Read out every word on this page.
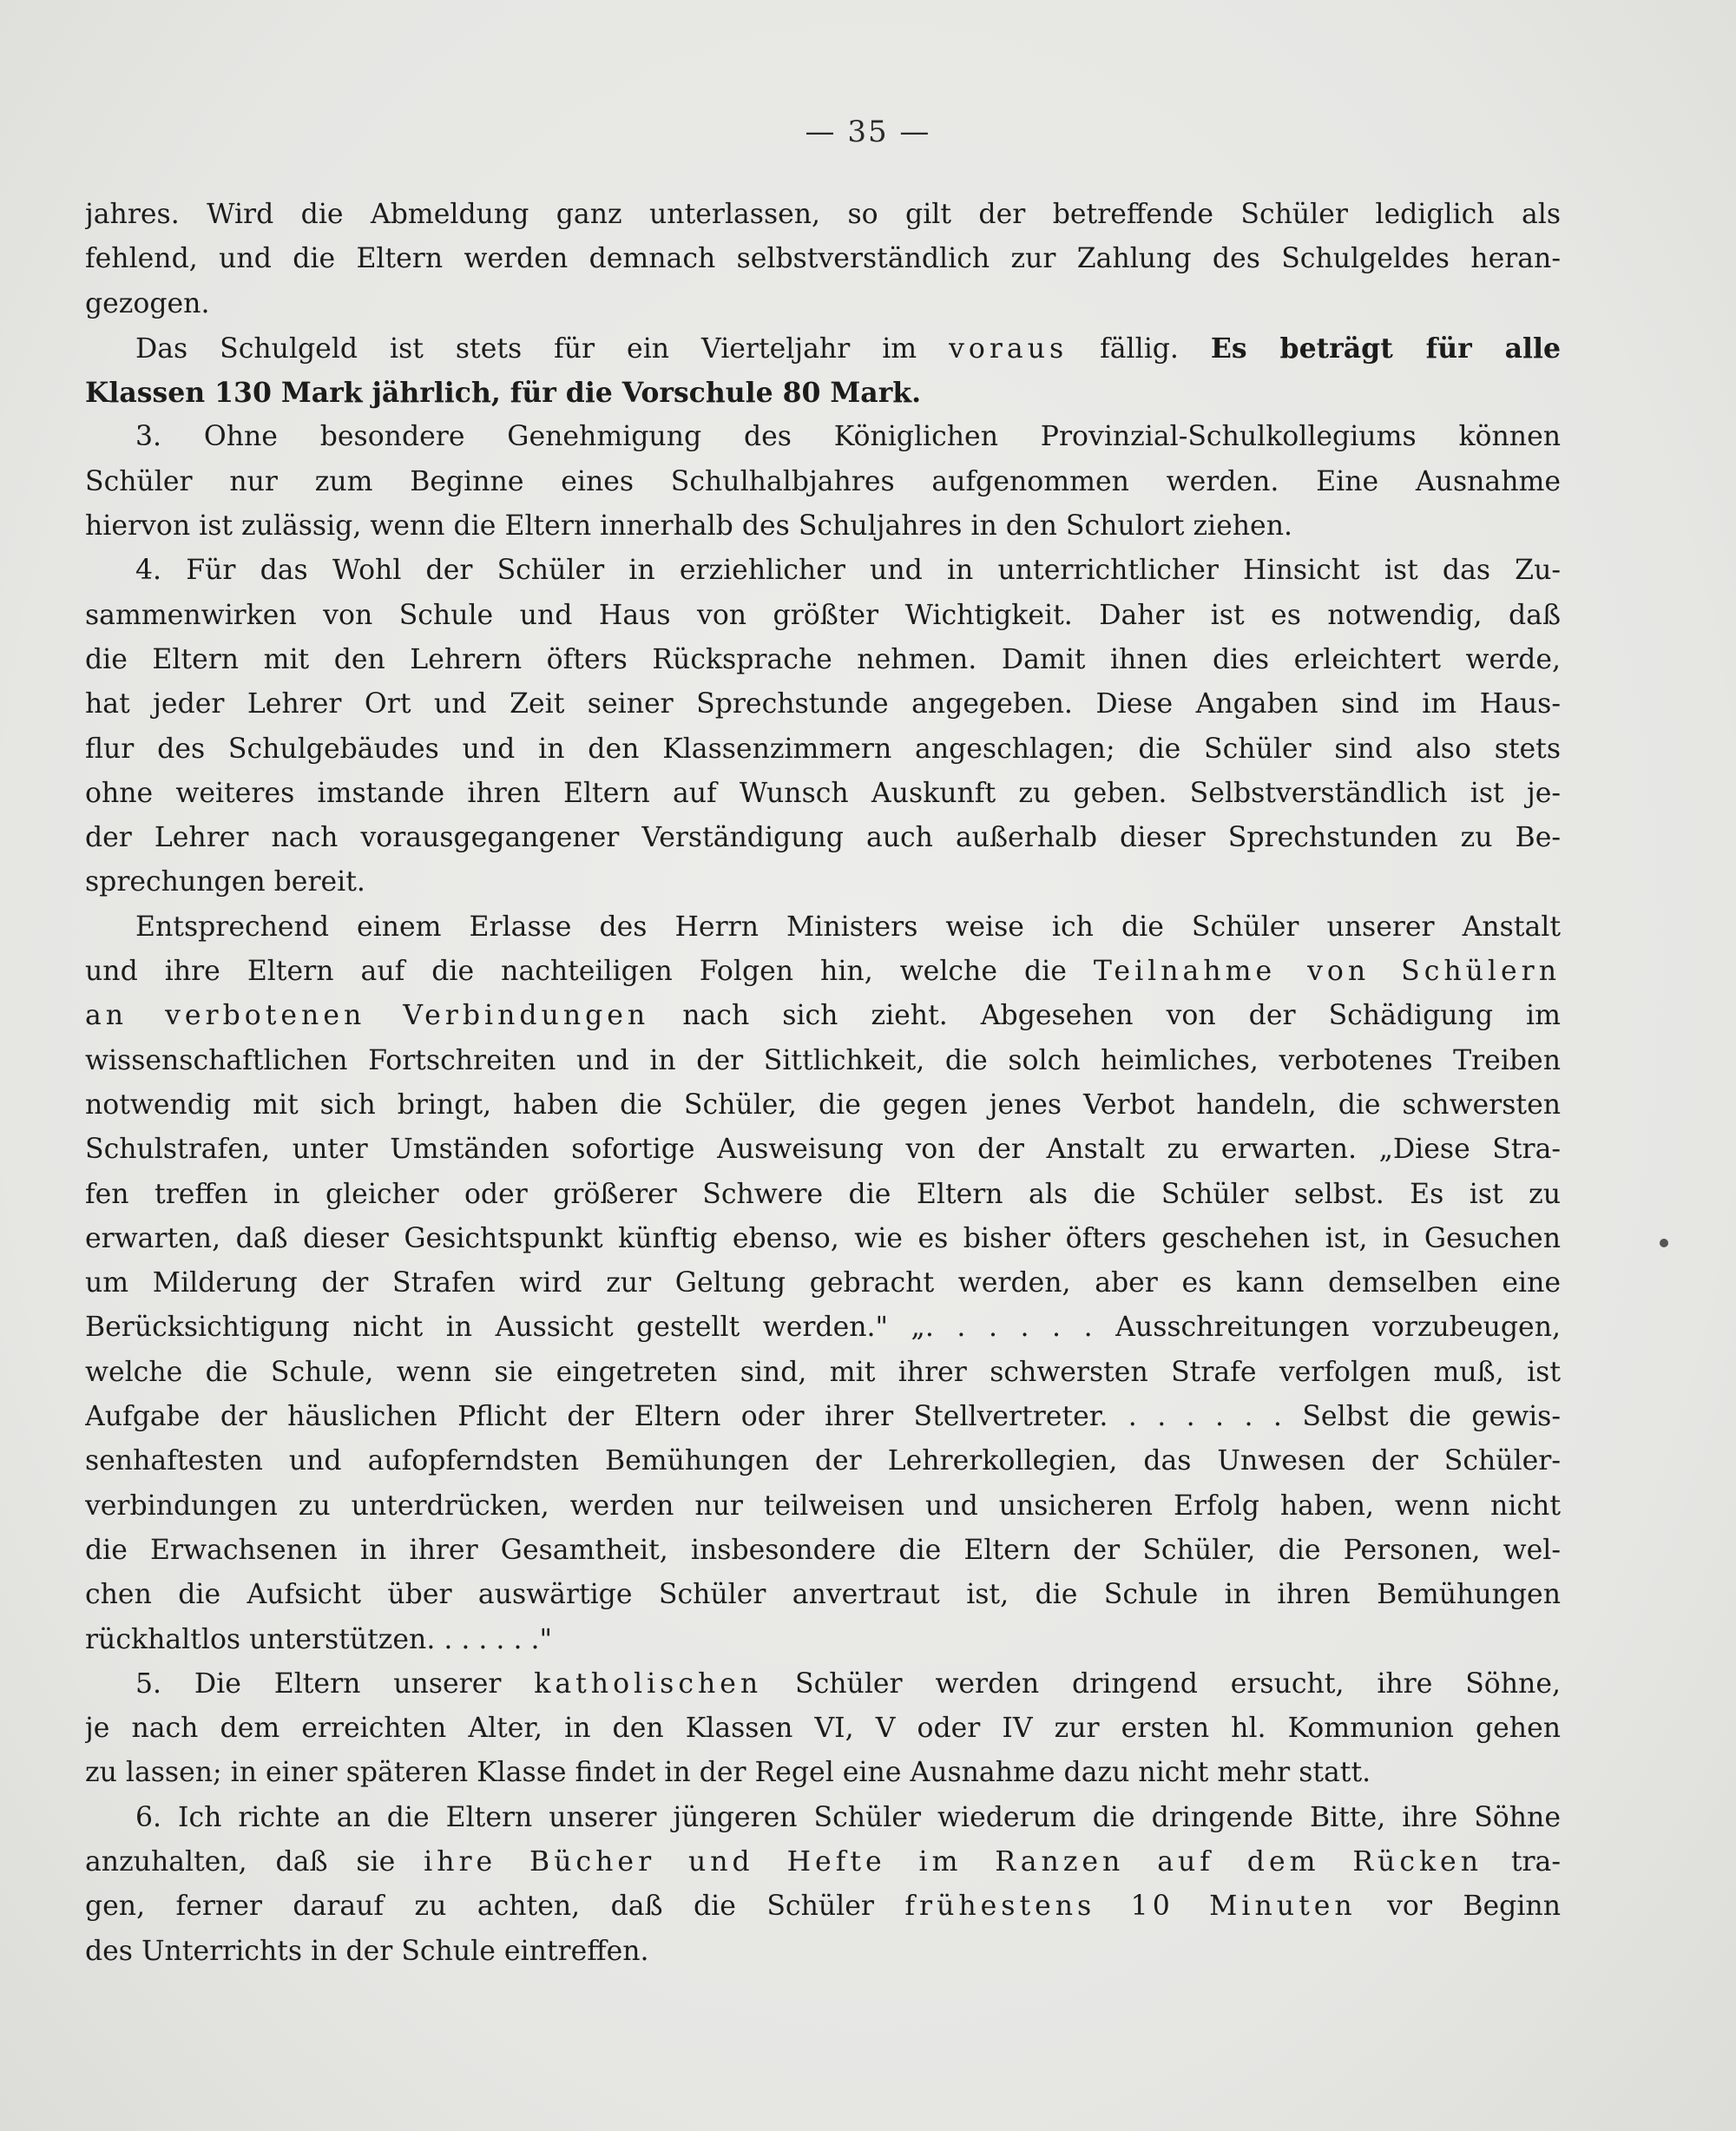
— 35 —
jahres. Wird die Abmeldung ganz unterlassen, so gilt der betreffende Schüler lediglich als
fehlend, und die Eltern werden demnach selbstverständlich zur Zahlung des Schulgeldes heran-
gezogen.
Das Schulgeld ist stets für ein Vierteljahr im voraus fällig. Es beträgt für alle
Klassen 130 Mark jährlich, für die Vorschule 80 Mark.
3. Ohne besondere Genehmigung des Königlichen Provinzial-Schulkollegiums können
Schüler nur zum Beginne eines Schulhalbjahres aufgenommen werden. Eine Ausnahme
hiervon ist zulässig, wenn die Eltern innerhalb des Schuljahres in den Schulort ziehen.
4. Für das Wohl der Schüler in erziehlicher und in unterrichtlicher Hinsicht ist das Zu-
sammenwirken von Schule und Haus von größter Wichtigkeit. Daher ist es notwendig, daß
die Eltern mit den Lehrern öfters Rücksprache nehmen. Damit ihnen dies erleichtert werde,
hat jeder Lehrer Ort und Zeit seiner Sprechstunde angegeben. Diese Angaben sind im Haus-
flur des Schulgebäudes und in den Klassenzimmern angeschlagen; die Schüler sind also stets
ohne weiteres imstande ihren Eltern auf Wunsch Auskunft zu geben. Selbstverständlich ist je-
der Lehrer nach vorausgegangener Verständigung auch außerhalb dieser Sprechstunden zu Be-
sprechungen bereit.
Entsprechend einem Erlasse des Herrn Ministers weise ich die Schüler unserer Anstalt
und ihre Eltern auf die nachteiligen Folgen hin, welche die Teilnahme von Schülern
an verbotenen Verbindungen nach sich zieht. Abgesehen von der Schädigung im
wissenschaftlichen Fortschreiten und in der Sittlichkeit, die solch heimliches, verbotenes Treiben
notwendig mit sich bringt, haben die Schüler, die gegen jenes Verbot handeln, die schwersten
Schulstrafen, unter Umständen sofortige Ausweisung von der Anstalt zu erwarten. „Diese Stra-
fen treffen in gleicher oder größerer Schwere die Eltern als die Schüler selbst. Es ist zu
erwarten, daß dieser Gesichtspunkt künftig ebenso, wie es bisher öfters geschehen ist, in Gesuchen
um Milderung der Strafen wird zur Geltung gebracht werden, aber es kann demselben eine
Berücksichtigung nicht in Aussicht gestellt werden." „. . . . . . Ausschreitungen vorzubeugen,
welche die Schule, wenn sie eingetreten sind, mit ihrer schwersten Strafe verfolgen muß, ist
Aufgabe der häuslichen Pflicht der Eltern oder ihrer Stellvertreter. . . . . . . Selbst die gewis-
senhaftesten und aufopferndsten Bemühungen der Lehrerkollegien, das Unwesen der Schüler-
verbindungen zu unterdrücken, werden nur teilweisen und unsicheren Erfolg haben, wenn nicht
die Erwachsenen in ihrer Gesamtheit, insbesondere die Eltern der Schüler, die Personen, wel-
chen die Aufsicht über auswärtige Schüler anvertraut ist, die Schule in ihren Bemühungen
rückhaltlos unterstützen. . . . . . ."
5. Die Eltern unserer katholischen Schüler werden dringend ersucht, ihre Söhne,
je nach dem erreichten Alter, in den Klassen VI, V oder IV zur ersten hl. Kommunion gehen
zu lassen; in einer späteren Klasse findet in der Regel eine Ausnahme dazu nicht mehr statt.
6. Ich richte an die Eltern unserer jüngeren Schüler wiederum die dringende Bitte, ihre Söhne
anzuhalten, daß sie ihre Bücher und Hefte im Ranzen auf dem Rücken tra-
gen, ferner darauf zu achten, daß die Schüler frühestens 10 Minuten vor Beginn
des Unterrichts in der Schule eintreffen.
